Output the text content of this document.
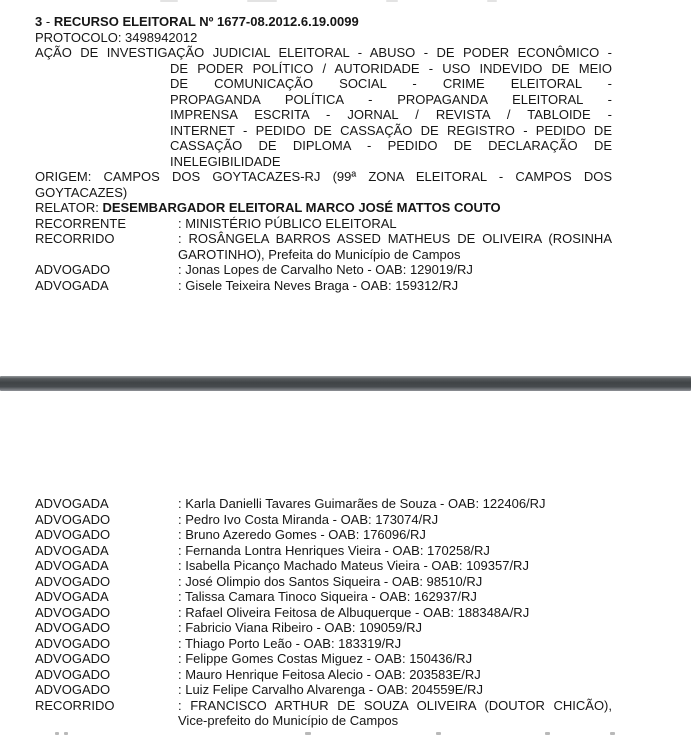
3 - RECURSO ELEITORAL Nº 1677-08.2012.6.19.0099
PROTOCOLO: 3498942012
AÇÃO DE INVESTIGAÇÃO JUDICIAL ELEITORAL - ABUSO - DE PODER ECONÔMICO -
DE PODER POLÍTICO / AUTORIDADE - USO INDEVIDO DE MEIO
DE COMUNICAÇÃO SOCIAL - CRIME ELEITORAL -
PROPAGANDA POLÍTICA - PROPAGANDA ELEITORAL -
IMPRENSA ESCRITA - JORNAL / REVISTA / TABLOIDE -
INTERNET - PEDIDO DE CASSAÇÃO DE REGISTRO - PEDIDO DE
CASSAÇÃO DE DIPLOMA - PEDIDO DE DECLARAÇÃO DE
INELEGIBILIDADE
ORIGEM: CAMPOS DOS GOYTACAZES-RJ (99ª ZONA ELEITORAL - CAMPOS DOS
GOYTACAZES)
RELATOR: DESEMBARGADOR ELEITORAL MARCO JOSÉ MATTOS COUTO
RECORRENTE	: MINISTÉRIO PÚBLICO ELEITORAL
RECORRIDO	: ROSÂNGELA BARROS ASSED MATHEUS DE OLIVEIRA (ROSINHA
GAROTINHO), Prefeita do Município de Campos
ADVOGADO	: Jonas Lopes de Carvalho Neto - OAB: 129019/RJ
ADVOGADA	: Gisele Teixeira Neves Braga - OAB: 159312/RJ
ADVOGADA	: Karla Danielli Tavares Guimarães de Souza - OAB: 122406/RJ
ADVOGADO	: Pedro Ivo Costa Miranda - OAB: 173074/RJ
ADVOGADO	: Bruno Azeredo Gomes - OAB: 176096/RJ
ADVOGADA	: Fernanda Lontra Henriques Vieira - OAB: 170258/RJ
ADVOGADA	: Isabella Picanço Machado Mateus Vieira - OAB: 109357/RJ
ADVOGADO	: José Olimpio dos Santos Siqueira - OAB: 98510/RJ
ADVOGADA	: Talissa Camara Tinoco Siqueira - OAB: 162937/RJ
ADVOGADO	: Rafael Oliveira Feitosa de Albuquerque - OAB: 188348A/RJ
ADVOGADO	: Fabricio Viana Ribeiro - OAB: 109059/RJ
ADVOGADO	: Thiago Porto Leão - OAB: 183319/RJ
ADVOGADO	: Felippe Gomes Costas Miguez - OAB: 150436/RJ
ADVOGADO	: Mauro Henrique Feitosa Alecio - OAB: 203583E/RJ
ADVOGADO	: Luiz Felipe Carvalho Alvarenga - OAB: 204559E/RJ
RECORRIDO	: FRANCISCO ARTHUR DE SOUZA OLIVEIRA (DOUTOR CHICÃO),
Vice-prefeito do Município de Campos
